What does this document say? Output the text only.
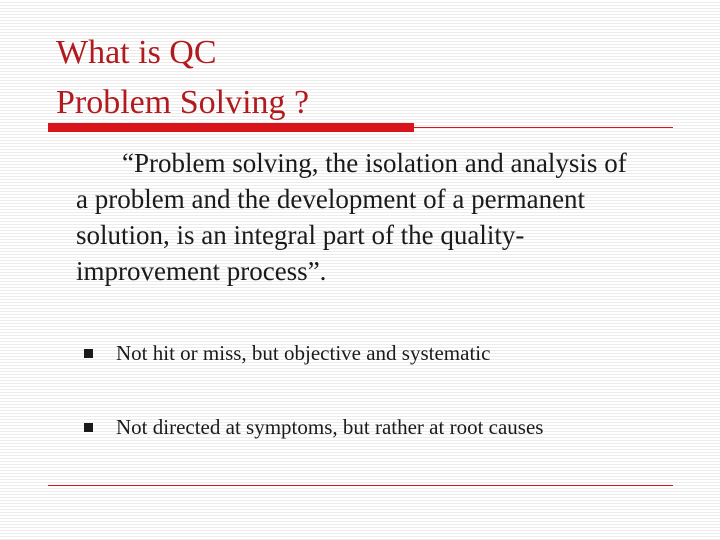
What is QC
Problem Solving ?
“Problem solving, the isolation and analysis of
a problem and the development of a permanent
solution, is an integral part of the quality-
improvement process”.
Not hit or miss, but objective and systematic
Not directed at symptoms, but rather at root causes
